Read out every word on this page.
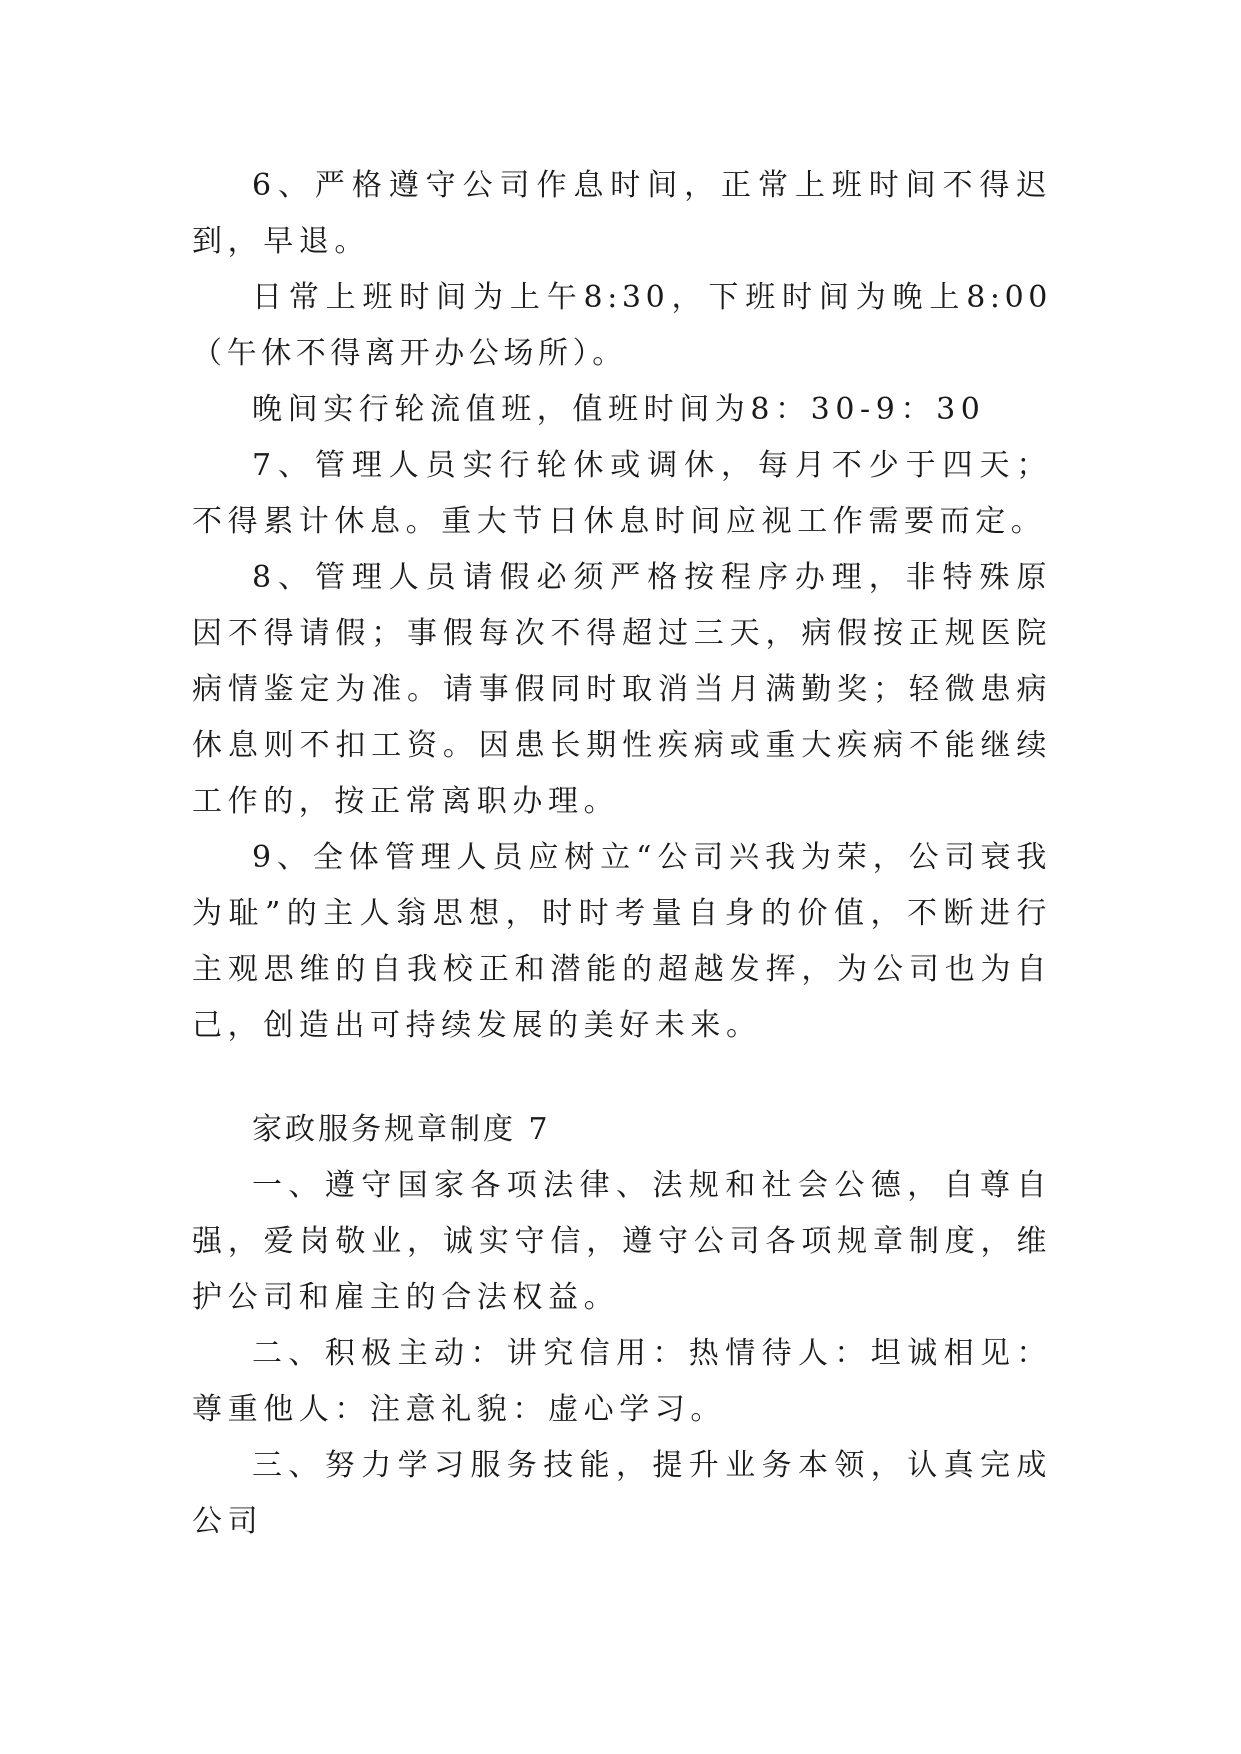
6、严格遵守公司作息时间，正常上班时间不得迟到，早退。

日常上班时间为上午8:30，下班时间为晚上8:00（午休不得离开办公场所）。

晚间实行轮流值班，值班时间为8：30-9：30

7、管理人员实行轮休或调休，每月不少于四天；不得累计休息。重大节日休息时间应视工作需要而定。

8、管理人员请假必须严格按程序办理，非特殊原因不得请假；事假每次不得超过三天，病假按正规医院病情鉴定为准。请事假同时取消当月满勤奖；轻微患病休息则不扣工资。因患长期性疾病或重大疾病不能继续工作的，按正常离职办理。

9、全体管理人员应树立“公司兴我为荣，公司衰我为耻”的主人翁思想，时时考量自身的价值，不断进行主观思维的自我校正和潜能的超越发挥，为公司也为自己，创造出可持续发展的美好未来。

家政服务规章制度 7

一、遵守国家各项法律、法规和社会公德，自尊自强，爱岗敬业，诚实守信，遵守公司各项规章制度，维护公司和雇主的合法权益。

二、积极主动：讲究信用：热情待人：坦诚相见：尊重他人：注意礼貌：虚心学习。

三、努力学习服务技能，提升业务本领，认真完成公司
